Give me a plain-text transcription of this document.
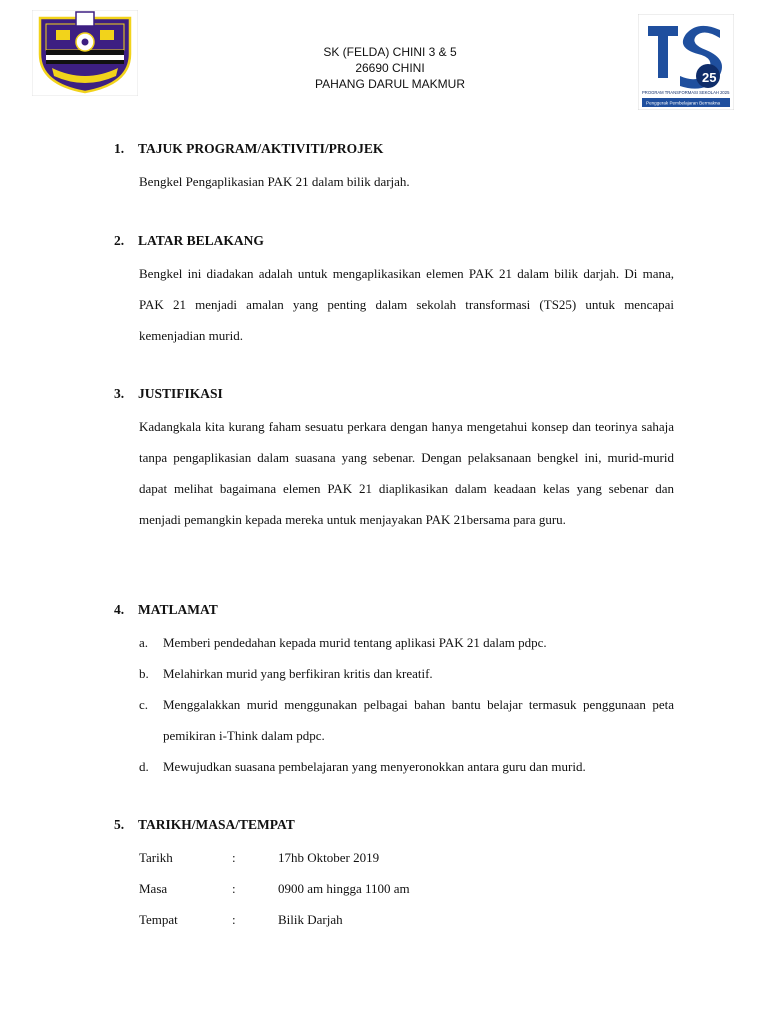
SK (FELDA) CHINI 3 & 5
26690 CHINI
PAHANG DARUL MAKMUR	25
PROGRAM TRANSFORMASI SEKOLAH 2025
Penggerak Pembelajaran Bermakna
1. TAJUK PROGRAM/AKTIVITI/PROJEK
Bengkel Pengaplikasian PAK 21 dalam bilik darjah.
2. LATAR BELAKANG
Bengkel ini diadakan adalah untuk mengaplikasikan elemen PAK 21 dalam bilik darjah. Di mana, PAK 21 menjadi amalan yang penting dalam sekolah transformasi (TS25) untuk mencapai kemenjadian murid.
3. JUSTIFIKASI
Kadangkala kita kurang faham sesuatu perkara dengan hanya mengetahui konsep dan teorinya sahaja tanpa pengaplikasian dalam suasana yang sebenar. Dengan pelaksanaan bengkel ini, murid-murid dapat melihat bagaimana elemen PAK 21 diaplikasikan dalam keadaan kelas yang sebenar dan menjadi pemangkin kepada mereka untuk menjayakan PAK 21bersama para guru.
4. MATLAMAT
a.	Memberi pendedahan kepada murid tentang aplikasi PAK 21 dalam pdpc.
b.	Melahirkan murid yang berfikiran kritis dan kreatif.
c.	Menggalakkan murid menggunakan pelbagai bahan bantu belajar termasuk penggunaan peta pemikiran i-Think dalam pdpc.
d.	Mewujudkan suasana pembelajaran yang menyeronokkan antara guru dan murid.
5. TARIKH/MASA/TEMPAT
Tarikh	:	17hb Oktober 2019
Masa	:	0900 am hingga 1100 am
Tempat	:	Bilik Darjah
